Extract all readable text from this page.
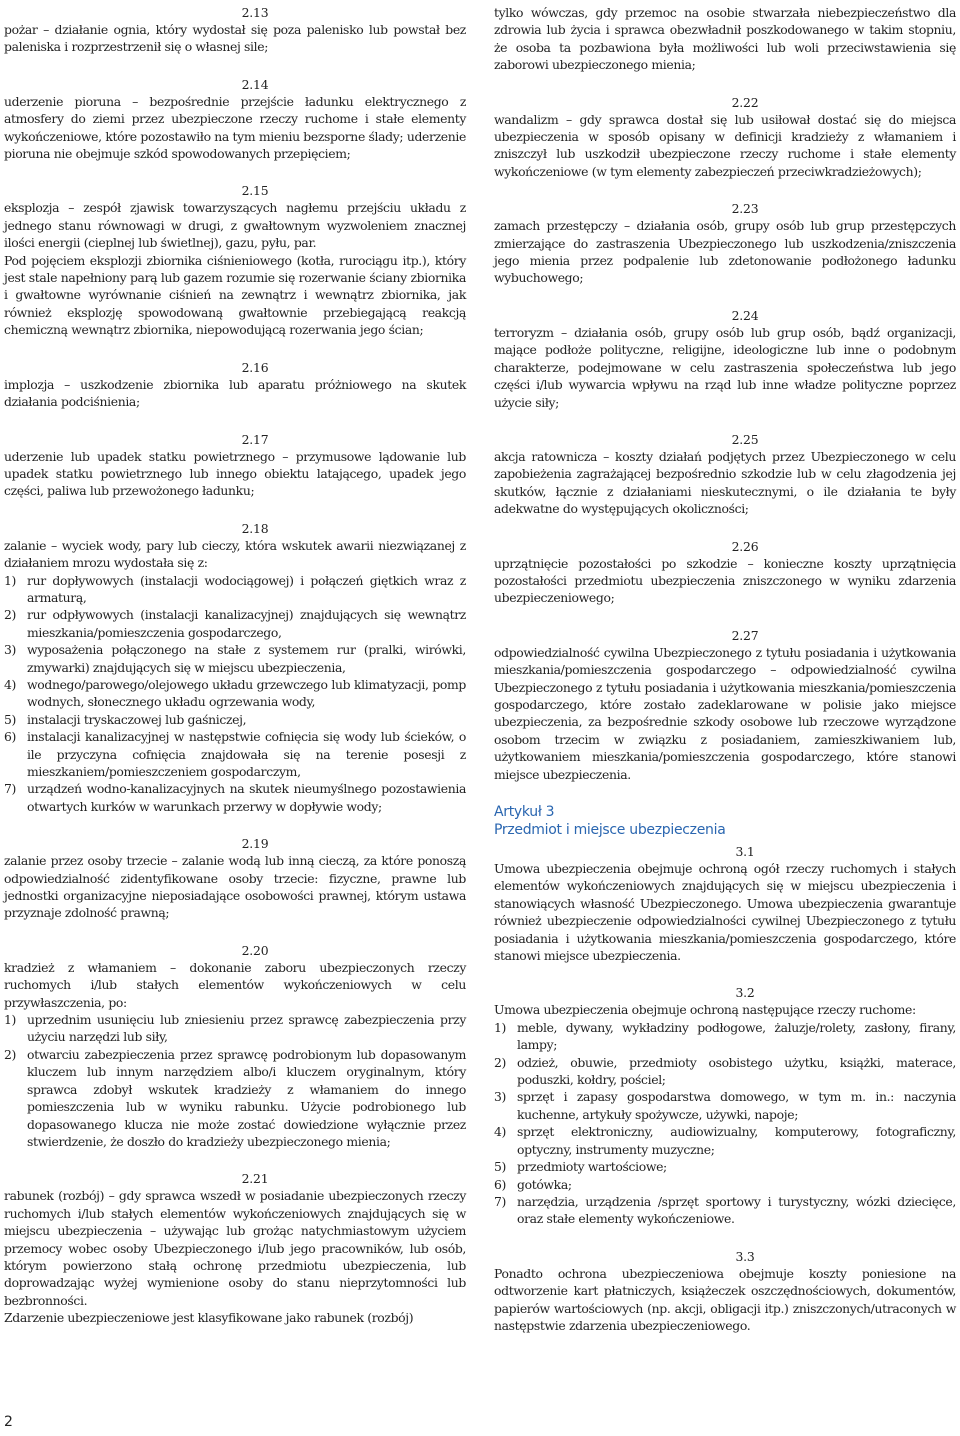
2.13

pożar – działanie ognia, który wydostał się poza palenisko lub powstał bez paleniska i rozprzestrzenił się o własnej sile;

2.14

uderzenie pioruna – bezpośrednie przejście ładunku elektrycznego z atmosfery do ziemi przez ubezpieczone rzeczy ruchome i stałe elementy wykończeniowe, które pozostawiło na tym mieniu bezsporne ślady; uderzenie pioruna nie obejmuje szkód spowodowanych przepięciem;

2.15

eksplozja – zespół zjawisk towarzyszących nagłemu przejściu układu z jednego stanu równowagi w drugi, z gwałtownym wyzwoleniem znacznej ilości energii (cieplnej lub świetlnej), gazu, pyłu, par.

Pod pojęciem eksplozji zbiornika ciśnieniowego (kotła, rurociągu itp.), który jest stale napełniony parą lub gazem rozumie się rozerwanie ściany zbiornika i gwałtowne wyrównanie ciśnień na zewnątrz i wewnątrz zbiornika, jak również eksplozję spowodowaną gwałtownie przebiegającą reakcją chemiczną wewnątrz zbiornika, niepowodującą rozerwania jego ścian;

2.16

implozja – uszkodzenie zbiornika lub aparatu próżniowego na skutek działania podciśnienia;

2.17

uderzenie lub upadek statku powietrznego – przymusowe lądowanie lub upadek statku powietrznego lub innego obiektu latającego, upadek jego części, paliwa lub przewożonego ładunku;

2.18

zalanie – wyciek wody, pary lub cieczy, która wskutek awarii niezwiązanej z działaniem mrozu wydostała się z:

1) rur dopływowych (instalacji wodociągowej) i połączeń giętkich wraz z armaturą,
2) rur odpływowych (instalacji kanalizacyjnej) znajdujących się wewnątrz mieszkania/pomieszczenia gospodarczego,
3) wyposażenia połączonego na stałe z systemem rur (pralki, wirówki, zmywarki) znajdujących się w miejscu ubezpieczenia,
4) wodnego/parowego/olejowego układu grzewczego lub klimatyzacji, pomp wodnych, słonecznego układu ogrzewania wody,
5) instalacji tryskaczowej lub gaśniczej,
6) instalacji kanalizacyjnej w następstwie cofnięcia się wody lub ścieków, o ile przyczyna cofnięcia znajdowała się na terenie posesji z mieszkaniem/pomieszczeniem gospodarczym,
7) urządzeń wodno-kanalizacyjnych na skutek nieumyślnego pozostawienia otwartych kurków w warunkach przerwy w dopływie wody;
2.19

zalanie przez osoby trzecie – zalanie wodą lub inną cieczą, za które ponoszą odpowiedzialność zidentyfikowane osoby trzecie: fizyczne, prawne lub jednostki organizacyjne nieposiadające osobowości prawnej, którym ustawa przyznaje zdolność prawną;

2.20

kradzież z włamaniem – dokonanie zaboru ubezpieczonych rzeczy ruchomych i/lub stałych elementów wykończeniowych w celu przywłaszczenia, po:

1) uprzednim usunięciu lub zniesieniu przez sprawcę zabezpieczenia przy użyciu narzędzi lub siły,
2) otwarciu zabezpieczenia przez sprawcę podrobionym lub dopasowanym kluczem lub innym narzędziem albo/i kluczem oryginalnym, który sprawca zdobył wskutek kradzieży z włamaniem do innego pomieszczenia lub w wyniku rabunku. Użycie podrobionego lub dopasowanego klucza nie może zostać dowiedzione wyłącznie przez stwierdzenie, że doszło do kradzieży ubezpieczonego mienia;
2.21

rabunek (rozbój) – gdy sprawca wszedł w posiadanie ubezpieczonych rzeczy ruchomych i/lub stałych elementów wykończeniowych znajdujących się w miejscu ubezpieczenia – używając lub grożąc natychmiastowym użyciem przemocy wobec osoby Ubezpieczonego i/lub jego pracowników, lub osób, którym powierzono stałą ochronę przedmiotu ubezpieczenia, lub doprowadzając wyżej wymienione osoby do stanu nieprzytomności lub bezbronności.

Zdarzenie ubezpieczeniowe jest klasyfikowane jako rabunek (rozbój)

tylko wówczas, gdy przemoc na osobie stwarzała niebezpieczeństwo dla zdrowia lub życia i sprawca obezwładnił poszkodowanego w takim stopniu, że osoba ta pozbawiona była możliwości lub woli przeciwstawienia się zaborowi ubezpieczonego mienia;

2.22

wandalizm – gdy sprawca dostał się lub usiłował dostać się do miejsca ubezpieczenia w sposób opisany w definicji kradzieży z włamaniem i zniszczył lub uszkodził ubezpieczone rzeczy ruchome i stałe elementy wykończeniowe (w tym elementy zabezpieczeń przeciwkradzieżowych);

2.23

zamach przestępczy – działania osób, grupy osób lub grup przestępczych zmierzające do zastraszenia Ubezpieczonego lub uszkodzenia/zniszczenia jego mienia przez podpalenie lub zdetonowanie podłożonego ładunku wybuchowego;

2.24

terroryzm – działania osób, grupy osób lub grup osób, bądź organizacji, mające podłoże polityczne, religijne, ideologiczne lub inne o podobnym charakterze, podejmowane w celu zastraszenia społeczeństwa lub jego części i/lub wywarcia wpływu na rząd lub inne władze polityczne poprzez użycie siły;

2.25

akcja ratownicza – koszty działań podjętych przez Ubezpieczonego w celu zapobieżenia zagrażającej bezpośrednio szkodzie lub w celu złagodzenia jej skutków, łącznie z działaniami nieskutecznymi, o ile działania te były adekwatne do występujących okoliczności;

2.26

uprzątnięcie pozostałości po szkodzie – konieczne koszty uprzątnięcia pozostałości przedmiotu ubezpieczenia zniszczonego w wyniku zdarzenia ubezpieczeniowego;

2.27

odpowiedzialność cywilna Ubezpieczonego z tytułu posiadania i użytkowania mieszkania/pomieszczenia gospodarczego – odpowiedzialność cywilna Ubezpieczonego z tytułu posiadania i użytkowania mieszkania/pomieszczenia gospodarczego, które zostało zadeklarowane w polisie jako miejsce ubezpieczenia, za bezpośrednie szkody osobowe lub rzeczowe wyrządzone osobom trzecim w związku z posiadaniem, zamieszkiwaniem lub, użytkowaniem mieszkania/pomieszczenia gospodarczego, które stanowi miejsce ubezpieczenia.

Artykuł 3
Przedmiot i miejsce ubezpieczenia
3.1

Umowa ubezpieczenia obejmuje ochroną ogół rzeczy ruchomych i stałych elementów wykończeniowych znajdujących się w miejscu ubezpieczenia i stanowiących własność Ubezpieczonego. Umowa ubezpieczenia gwarantuje również ubezpieczenie odpowiedzialności cywilnej Ubezpieczonego z tytułu posiadania i użytkowania mieszkania/pomieszczenia gospodarczego, które stanowi miejsce ubezpieczenia.

3.2

Umowa ubezpieczenia obejmuje ochroną następujące rzeczy ruchome:

1) meble, dywany, wykładziny podłogowe, żaluzje/rolety, zasłony, firany, lampy;
2) odzież, obuwie, przedmioty osobistego użytku, książki, materace, poduszki, kołdry, pościel;
3) sprzęt i zapasy gospodarstwa domowego, w tym m. in.: naczynia kuchenne, artykuły spożywcze, używki, napoje;
4) sprzęt elektroniczny, audiowizualny, komputerowy, fotograficzny, optyczny, instrumenty muzyczne;
5) przedmioty wartościowe;
6) gotówka;
7) narzędzia, urządzenia /sprzęt sportowy i turystyczny, wózki dziecięce, oraz stałe elementy wykończeniowe.
3.3

Ponadto ochrona ubezpieczeniowa obejmuje koszty poniesione na odtworzenie kart płatniczych, książeczek oszczędnościowych, dokumentów, papierów wartościowych (np. akcji, obligacji itp.) zniszczonych/utraconych w następstwie zdarzenia ubezpieczeniowego.

2
